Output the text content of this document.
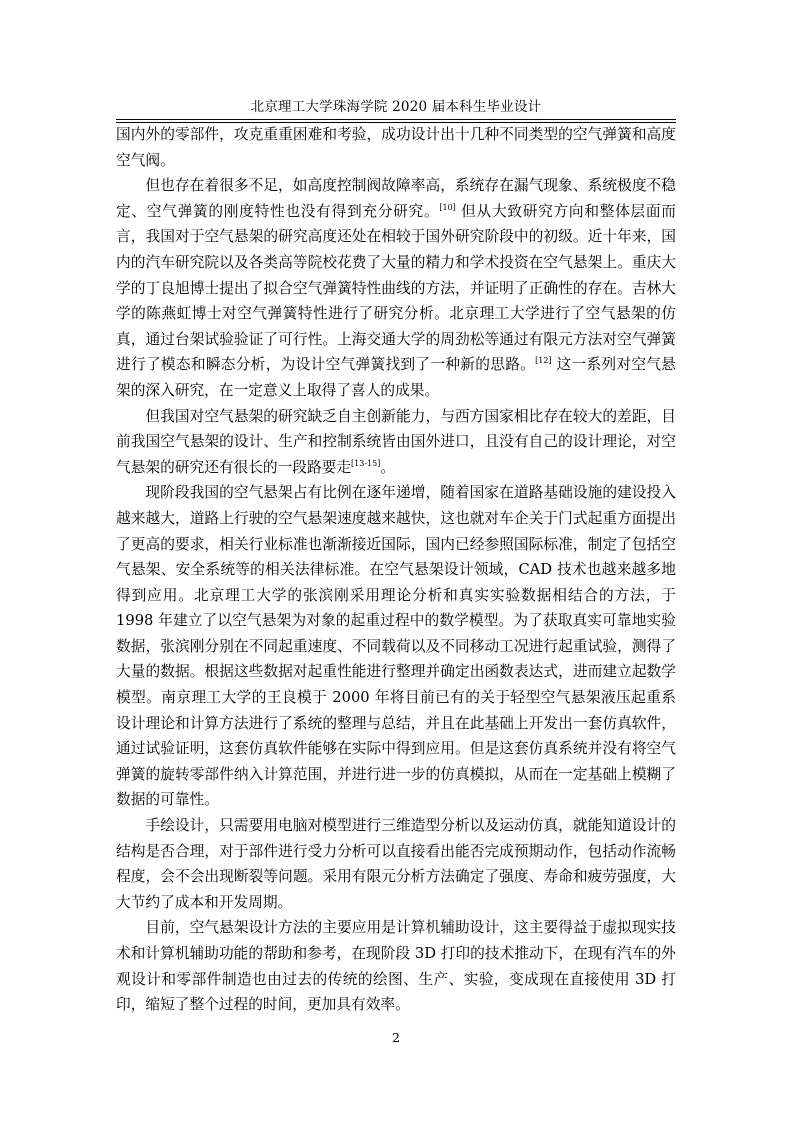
北京理工大学珠海学院 2020 届本科生毕业设计

国内外的零部件，攻克重重困难和考验，成功设计出十几种不同类型的空气弹簧和高度空气阀。

但也存在着很多不足，如高度控制阀故障率高，系统存在漏气现象、系统极度不稳定、空气弹簧的刚度特性也没有得到充分研究。[10] 但从大致研究方向和整体层面而言，我国对于空气悬架的研究高度还处在相较于国外研究阶段中的初级。近十年来，国内的汽车研究院以及各类高等院校花费了大量的精力和学术投资在空气悬架上。重庆大学的丁良旭博士提出了拟合空气弹簧特性曲线的方法，并证明了正确性的存在。吉林大学的陈燕虹博士对空气弹簧特性进行了研究分析。北京理工大学进行了空气悬架的仿真，通过台架试验验证了可行性。上海交通大学的周劲松等通过有限元方法对空气弹簧进行了模态和瞬态分析，为设计空气弹簧找到了一种新的思路。[12] 这一系列对空气悬架的深入研究，在一定意义上取得了喜人的成果。

但我国对空气悬架的研究缺乏自主创新能力，与西方国家相比存在较大的差距，目前我国空气悬架的设计、生产和控制系统皆由国外进口，且没有自己的设计理论，对空气悬架的研究还有很长的一段路要走[13-15]。

现阶段我国的空气悬架占有比例在逐年递增，随着国家在道路基础设施的建设投入越来越大，道路上行驶的空气悬架速度越来越快，这也就对车企关于门式起重方面提出了更高的要求，相关行业标准也渐渐接近国际，国内已经参照国际标准，制定了包括空气悬架、安全系统等的相关法律标准。在空气悬架设计领域，CAD 技术也越来越多地得到应用。北京理工大学的张滨刚采用理论分析和真实实验数据相结合的方法，于 1998 年建立了以空气悬架为对象的起重过程中的数学模型。为了获取真实可靠地实验数据，张滨刚分别在不同起重速度、不同载荷以及不同移动工况进行起重试验，测得了大量的数据。根据这些数据对起重性能进行整理并确定出函数表达式，进而建立起数学模型。南京理工大学的王良模于 2000 年将目前已有的关于轻型空气悬架液压起重系设计理论和计算方法进行了系统的整理与总结，并且在此基础上开发出一套仿真软件，通过试验证明，这套仿真软件能够在实际中得到应用。但是这套仿真系统并没有将空气弹簧的旋转零部件纳入计算范围，并进行进一步的仿真模拟，从而在一定基础上模糊了数据的可靠性。

手绘设计，只需要用电脑对模型进行三维造型分析以及运动仿真，就能知道设计的结构是否合理，对于部件进行受力分析可以直接看出能否完成预期动作，包括动作流畅程度，会不会出现断裂等问题。采用有限元分析方法确定了强度、寿命和疲劳强度，大大节约了成本和开发周期。

目前，空气悬架设计方法的主要应用是计算机辅助设计，这主要得益于虚拟现实技术和计算机辅助功能的帮助和参考，在现阶段 3D 打印的技术推动下，在现有汽车的外观设计和零部件制造也由过去的传统的绘图、生产、实验，变成现在直接使用 3D 打印，缩短了整个过程的时间，更加具有效率。

2
